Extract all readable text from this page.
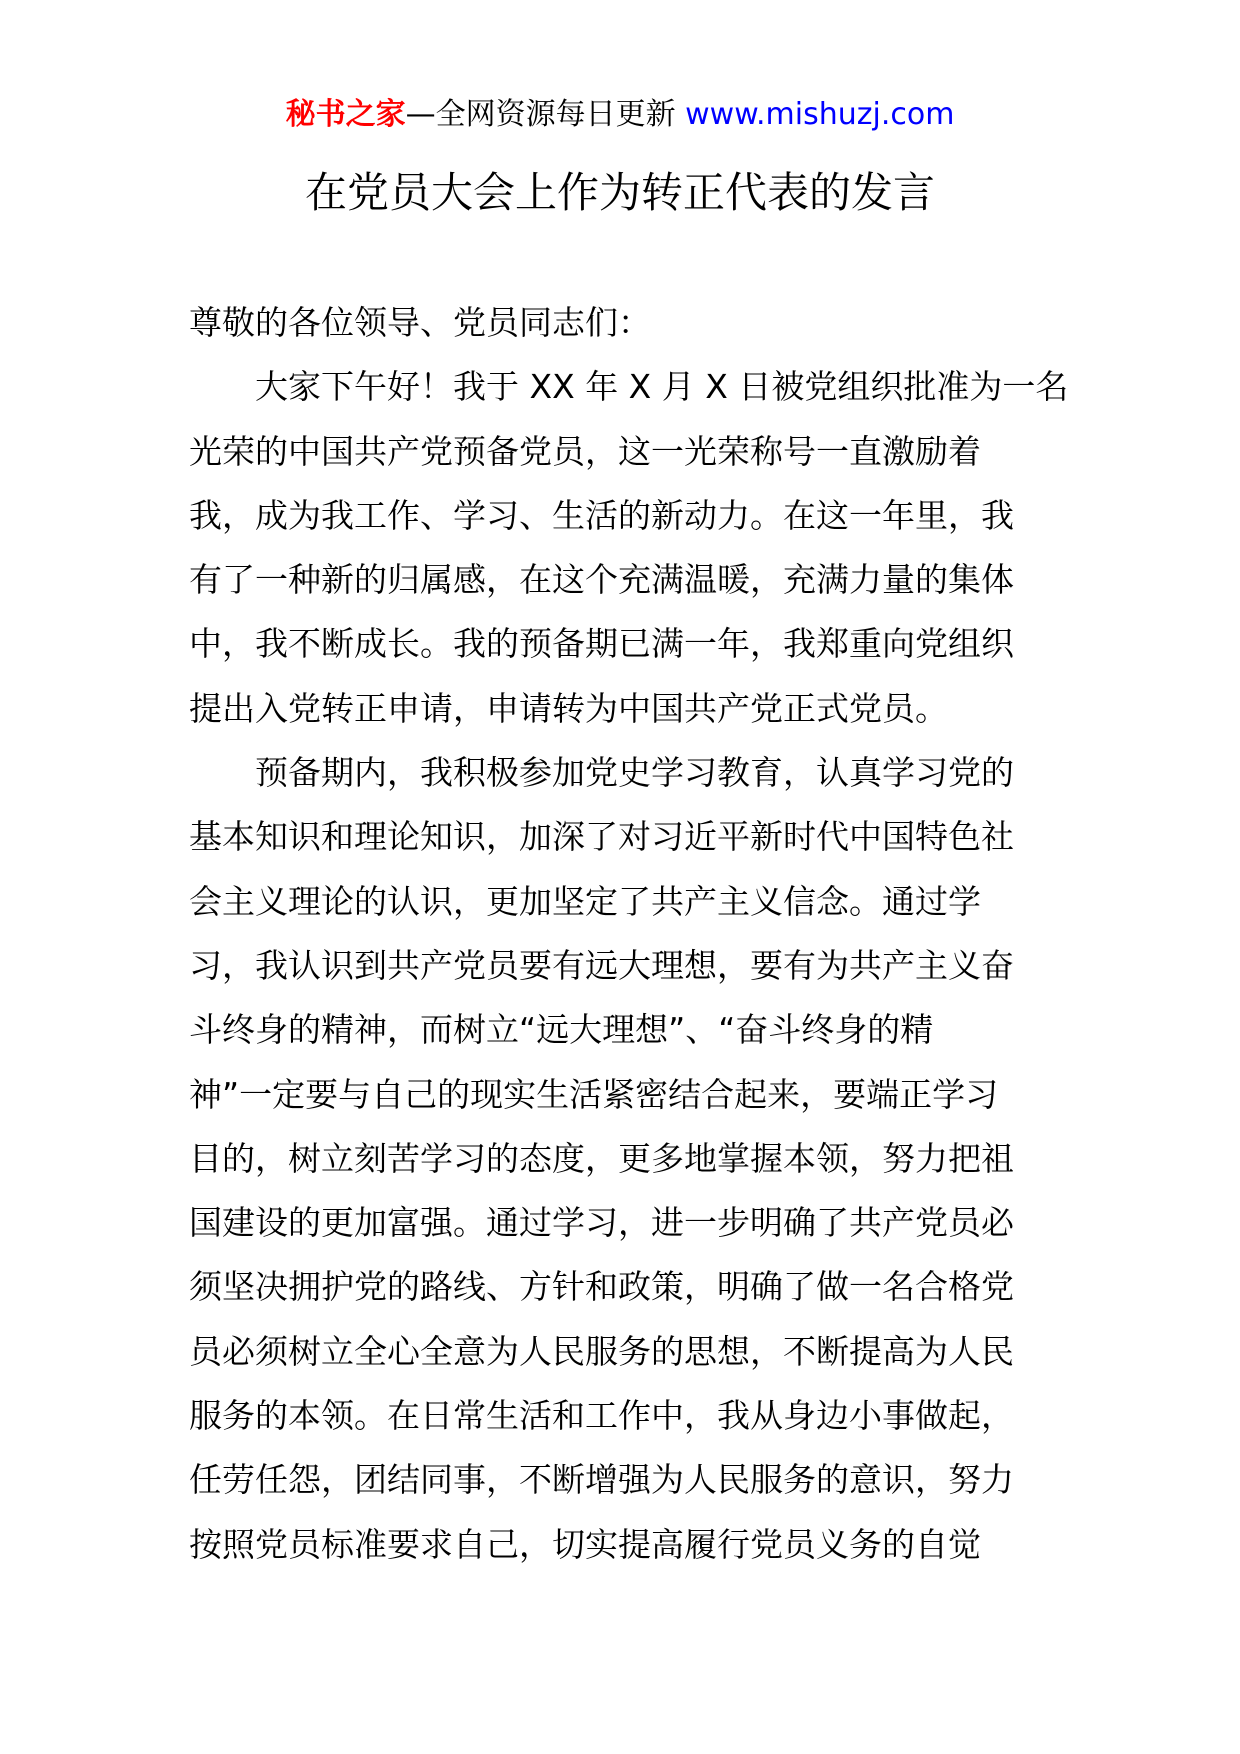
秘书之家—全网资源每日更新 www.mishuzj.com
在党员大会上作为转正代表的发言
尊敬的各位领导、党员同志们：
大家下午好！我于 XX 年 X 月 X 日被党组织批准为一名
光荣的中国共产党预备党员，这一光荣称号一直激励着
我，成为我工作、学习、生活的新动力。在这一年里，我
有了一种新的归属感，在这个充满温暖，充满力量的集体
中，我不断成长。我的预备期已满一年，我郑重向党组织
提出入党转正申请，申请转为中国共产党正式党员。
预备期内，我积极参加党史学习教育，认真学习党的
基本知识和理论知识，加深了对习近平新时代中国特色社
会主义理论的认识，更加坚定了共产主义信念。通过学
习，我认识到共产党员要有远大理想，要有为共产主义奋
斗终身的精神，而树立“远大理想”、“奋斗终身的精
神”一定要与自己的现实生活紧密结合起来，要端正学习
目的，树立刻苦学习的态度，更多地掌握本领，努力把祖
国建设的更加富强。通过学习，进一步明确了共产党员必
须坚决拥护党的路线、方针和政策，明确了做一名合格党
员必须树立全心全意为人民服务的思想，不断提高为人民
服务的本领。在日常生活和工作中，我从身边小事做起，
任劳任怨，团结同事，不断增强为人民服务的意识，努力
按照党员标准要求自己，切实提高履行党员义务的自觉
